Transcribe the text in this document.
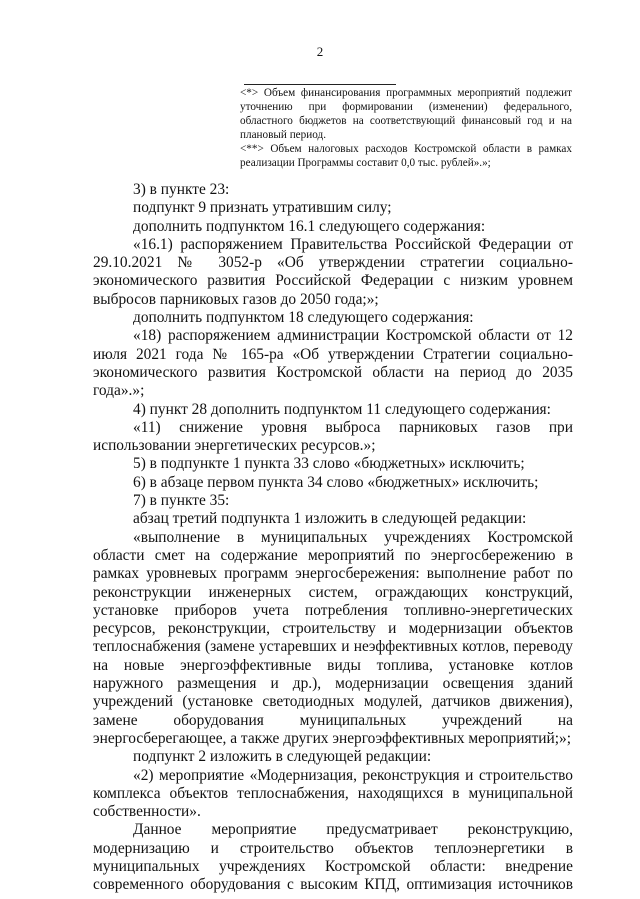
2

<*> Объем финансирования программных мероприятий подлежит уточнению при формировании (изменении) федерального, областного бюджетов на соответствующий финансовый год и на плановый период.

<**> Объем налоговых расходов Костромской области в рамках реализации Программы составит 0,0 тыс. рублей».»;

3) в пункте 23:

подпункт 9 признать утратившим силу;

дополнить подпунктом 16.1 следующего содержания:

«16.1) распоряжением Правительства Российской Федерации от 29.10.2021 № 3052-р «Об утверждении стратегии социально-экономического развития Российской Федерации с низким уровнем выбросов парниковых газов до 2050 года;»;

дополнить подпунктом 18 следующего содержания:

«18) распоряжением администрации Костромской области от 12 июля 2021 года № 165-ра «Об утверждении Стратегии социально-экономического развития Костромской области на период до 2035 года».»;

4) пункт 28 дополнить подпунктом 11 следующего содержания:

«11) снижение уровня выброса парниковых газов при использовании энергетических ресурсов.»;

5) в подпункте 1 пункта 33 слово «бюджетных» исключить;

6) в абзаце первом пункта 34 слово «бюджетных» исключить;

7) в пункте 35:

абзац третий подпункта 1 изложить в следующей редакции:

«выполнение в муниципальных учреждениях Костромской области смет на содержание мероприятий по энергосбережению в рамках уровневых программ энергосбережения: выполнение работ по реконструкции инженерных систем, ограждающих конструкций, установке приборов учета потребления топливно-энергетических ресурсов, реконструкции, строительству и модернизации объектов теплоснабжения (замене устаревших и неэффективных котлов, переводу на новые энергоэффективные виды топлива, установке котлов наружного размещения и др.), модернизации освещения зданий учреждений (установке светодиодных модулей, датчиков движения), замене оборудования муниципальных учреждений на энергосберегающее, а также других энергоэффективных мероприятий;»;

подпункт 2 изложить в следующей редакции:

«2) мероприятие «Модернизация, реконструкция и строительство комплекса объектов теплоснабжения, находящихся в муниципальной собственности».

Данное мероприятие предусматривает реконструкцию, модернизацию и строительство объектов теплоэнергетики в муниципальных учреждениях Костромской области: внедрение современного оборудования с высоким КПД, оптимизация источников
